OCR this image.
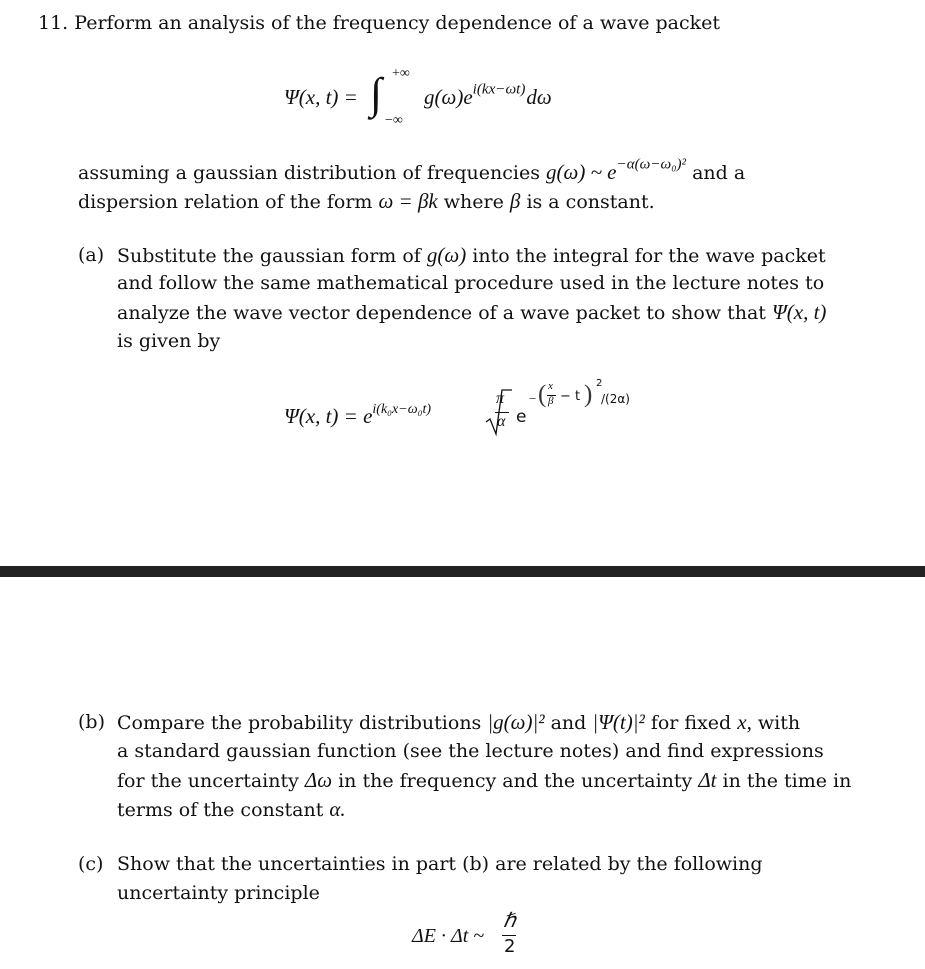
11. Perform an analysis of the frequency dependence of a wave packet
Ψ(x, t) = ∫ +∞
−∞
$g(\omega)e^{i(kx-\omega t)}d\omega$
assuming a gaussian distribution of frequencies g(ω) ~ $e^{-\alpha(\omega-\omega_0)^2}$ and a
dispersion relation of the form ω = βk where β is a constant.
(a) Substitute the gaussian form of g(ω) into the integral for the wave packet
and follow the same mathematical procedure used in the lecture notes to
analyze the wave vector dependence of a wave packet to show that Ψ(x, t)
is given by
Ψ(x, $t) = e^{i(k_0x-\omega_0t)}$
π
α e
− ( x
β − t ) 2
/(2α)
(b) Compare the probability distributions |g(ω)|² and |Ψ(t)|² for fixed x, with
a standard gaussian function (see the lecture notes) and find expressions
for the uncertainty Δω in the frequency and the uncertainty Δt in the time in
terms of the constant α.
(c) Show that the uncertainties in part (b) are related by the following
uncertainty principle
ΔE · Δt ~
ℏ
2
